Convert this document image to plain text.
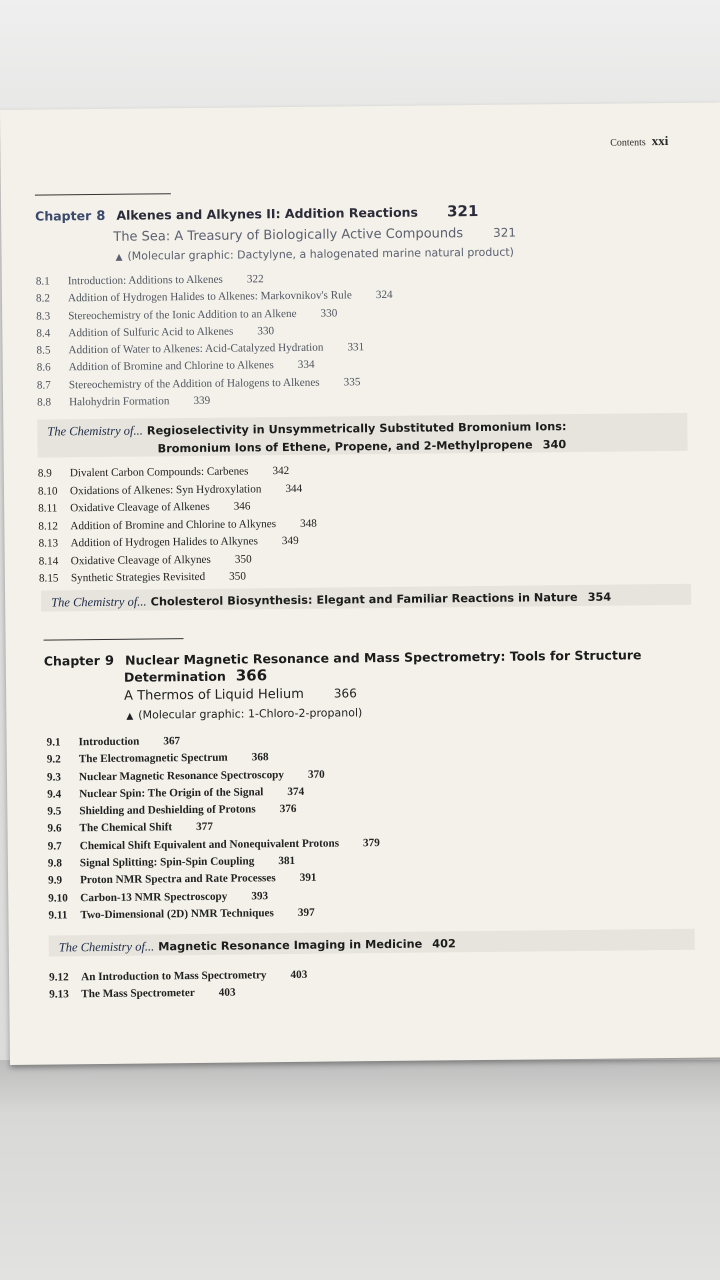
Contents xxi
Chapter 8 Alkenes and Alkynes II: Addition Reactions 321
The Sea: A Treasury of Biologically Active Compounds 321
▲ (Molecular graphic: Dactylyne, a halogenated marine natural product)
8.1 Introduction: Additions to Alkenes 322
8.2 Addition of Hydrogen Halides to Alkenes: Markovnikov's Rule 324
8.3 Stereochemistry of the Ionic Addition to an Alkene 330
8.4 Addition of Sulfuric Acid to Alkenes 330
8.5 Addition of Water to Alkenes: Acid-Catalyzed Hydration 331
8.6 Addition of Bromine and Chlorine to Alkenes 334
8.7 Stereochemistry of the Addition of Halogens to Alkenes 335
8.8 Halohydrin Formation 339
The Chemistry of... Regioselectivity in Unsymmetrically Substituted Bromonium Ions:
Bromonium Ions of Ethene, Propene, and 2-Methylpropene 340
8.9 Divalent Carbon Compounds: Carbenes 342
8.10 Oxidations of Alkenes: Syn Hydroxylation 344
8.11 Oxidative Cleavage of Alkenes 346
8.12 Addition of Bromine and Chlorine to Alkynes 348
8.13 Addition of Hydrogen Halides to Alkynes 349
8.14 Oxidative Cleavage of Alkynes 350
8.15 Synthetic Strategies Revisited 350
The Chemistry of... Cholesterol Biosynthesis: Elegant and Familiar Reactions in Nature 354
Chapter 9 Nuclear Magnetic Resonance and Mass Spectrometry: Tools for Structure
Determination 366
A Thermos of Liquid Helium 366
▲ (Molecular graphic: 1-Chloro-2-propanol)
9.1 Introduction 367
9.2 The Electromagnetic Spectrum 368
9.3 Nuclear Magnetic Resonance Spectroscopy 370
9.4 Nuclear Spin: The Origin of the Signal 374
9.5 Shielding and Deshielding of Protons 376
9.6 The Chemical Shift 377
9.7 Chemical Shift Equivalent and Nonequivalent Protons 379
9.8 Signal Splitting: Spin-Spin Coupling 381
9.9 Proton NMR Spectra and Rate Processes 391
9.10 Carbon-13 NMR Spectroscopy 393
9.11 Two-Dimensional (2D) NMR Techniques 397
The Chemistry of... Magnetic Resonance Imaging in Medicine 402
9.12 An Introduction to Mass Spectrometry 403
9.13 The Mass Spectrometer 403
